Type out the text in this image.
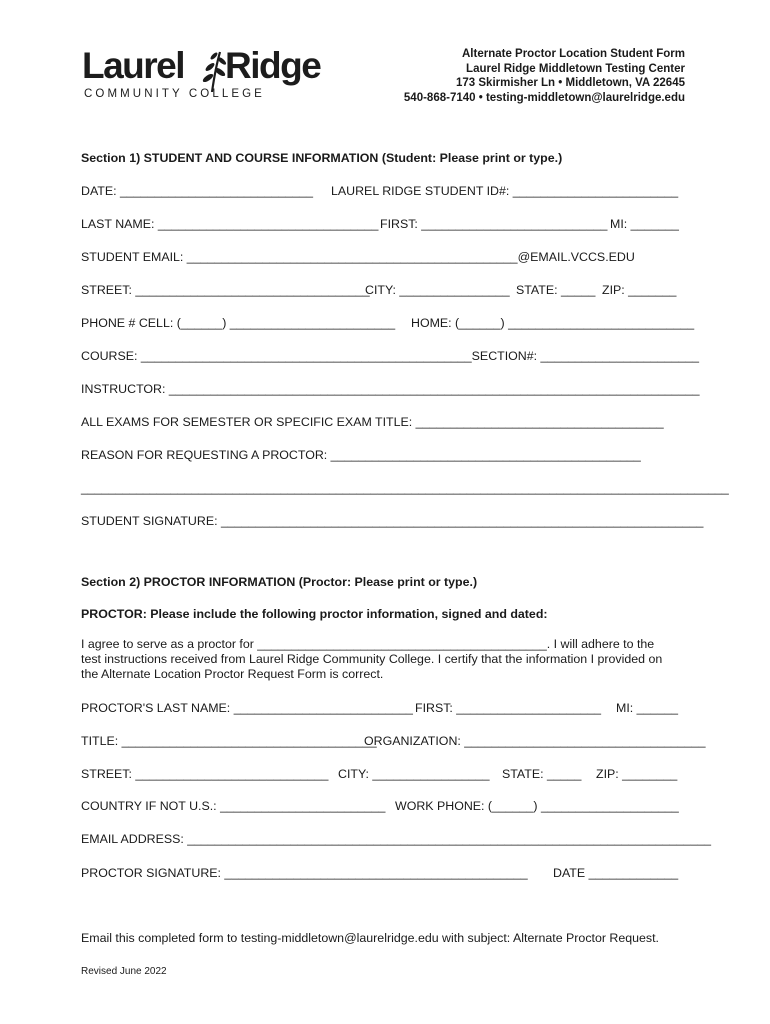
Laurel Ridge
COMMUNITY COLLEGE
Alternate Proctor Location Student Form
Laurel Ridge Middletown Testing Center
173 Skirmisher Ln • Middletown, VA 22645
540-868-7140 • testing-middletown@laurelridge.edu
Section 1) STUDENT AND COURSE INFORMATION (Student: Please print or type.)
DATE: ____________________________ LAUREL RIDGE STUDENT ID#: ________________________
LAST NAME: ________________________________ FIRST: ___________________________ MI: _______
STUDENT EMAIL: ________________________________________________@EMAIL.VCCS.EDU
STREET: __________________________________
CITY: ________________ STATE: _____ ZIP: _______
PHONE # CELL: (______) ________________________ HOME: (______) ___________________________
COURSE: ________________________________________________SECTION#: _______________________
INSTRUCTOR: _____________________________________________________________________________
ALL EXAMS FOR SEMESTER OR SPECIFIC EXAM TITLE: ____________________________________
REASON FOR REQUESTING A PROCTOR: _____________________________________________
______________________________________________________________________________________________
STUDENT SIGNATURE: ______________________________________________________________________
Section 2) PROCTOR INFORMATION (Proctor: Please print or type.)
PROCTOR: Please include the following proctor information, signed and dated:
I agree to serve as a proctor for __________________________________________. I will adhere to the
test instructions received from Laurel Ridge Community College. I certify that the information I provided on
the Alternate Location Proctor Request Form is correct.
PROCTOR'S LAST NAME: __________________________ FIRST: _____________________ MI: ______
TITLE: _____________________________________
ORGANIZATION: ___________________________________
STREET: ____________________________ CITY: _________________ STATE: _____ ZIP: ________
COUNTRY IF NOT U.S.: ________________________ WORK PHONE: (______) ____________________
EMAIL ADDRESS: ____________________________________________________________________________
PROCTOR SIGNATURE: ____________________________________________ DATE _____________
Email this completed form to testing-middletown@laurelridge.edu with subject: Alternate Proctor Request.
Revised June 2022
